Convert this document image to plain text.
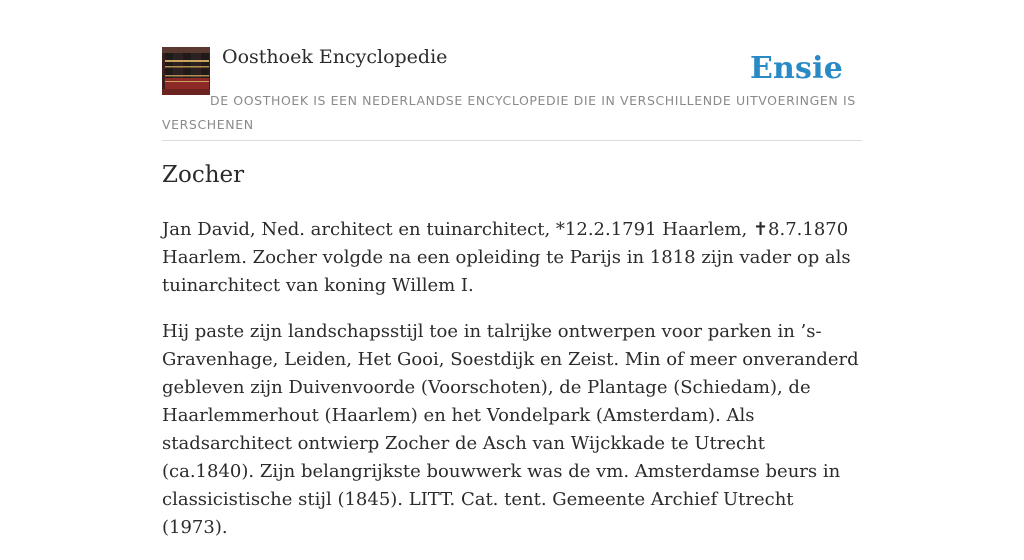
Oosthoek Encyclopedie	Ensie
DE OOSTHOEK IS EEN NEDERLANDSE ENCYCLOPEDIE DIE IN VERSCHILLENDE UITVOERINGEN IS VERSCHENEN
Zocher

Jan David, Ned. architect en tuinarchitect, *12.2.1791 Haarlem, ✝8.7.1870 Haarlem. Zocher volgde na een opleiding te Parijs in 1818 zijn vader op als tuinarchitect van koning Willem I.

Hij paste zijn landschapsstijl toe in talrijke ontwerpen voor parken in ’s-Gravenhage, Leiden, Het Gooi, Soestdijk en Zeist. Min of meer onveranderd gebleven zijn Duivenvoorde (Voorschoten), de Plantage (Schiedam), de Haarlemmerhout (Haarlem) en het Vondelpark (Amsterdam). Als stadsarchitect ontwierp Zocher de Asch van Wijckkade te Utrecht (ca.1840). Zijn belangrijkste bouwwerk was de vm. Amsterdamse beurs in classicistische stijl (1845). LITT. Cat. tent. Gemeente Archief Utrecht (1973).
